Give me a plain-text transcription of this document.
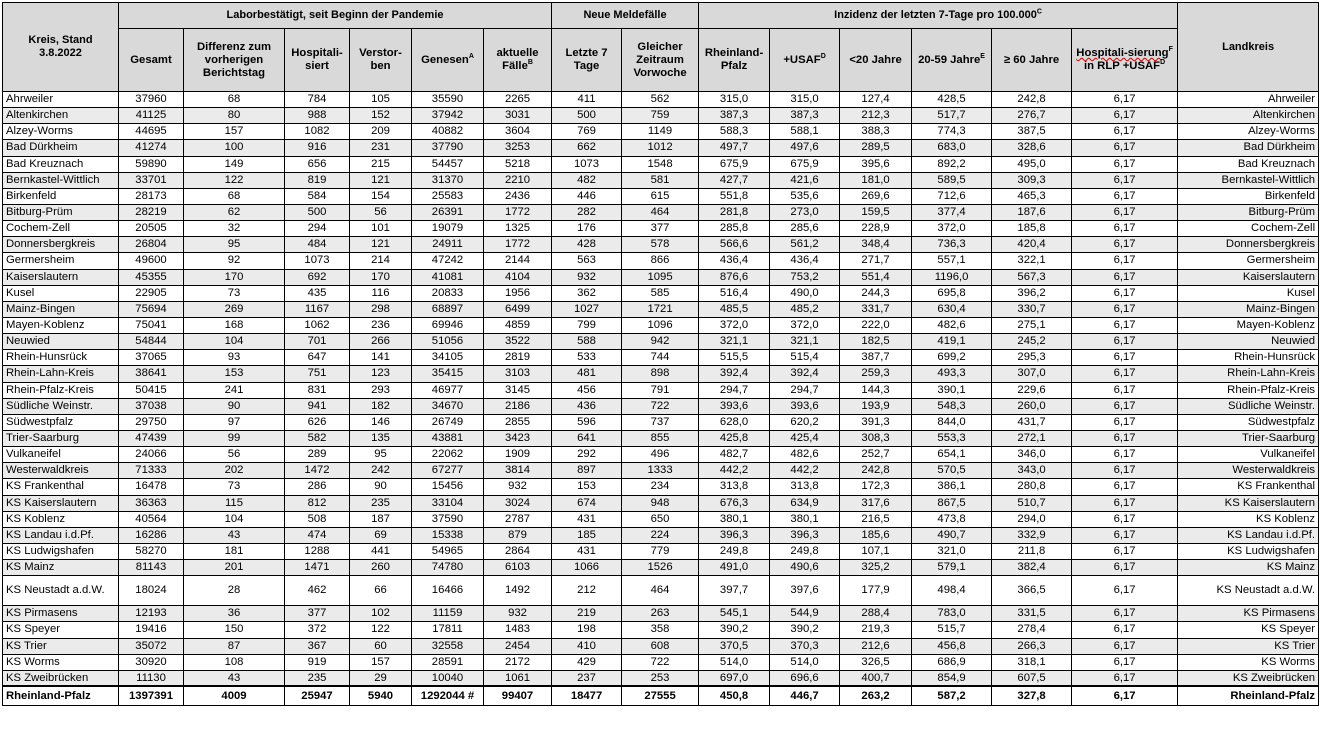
Kreis, Stand 3.8.2022	Laborbestätigt, seit Beginn der Pandemie						Neue Meldefälle		Inzidenz der letzten 7-Tage pro $100.000^C$						Landkreis
	Gesamt	Differenz zum vorherigen Berichtstag	Hospitali-siert	Verstor-ben	Genesen$^A$	aktuelle Fälle$^B$	Letzte 7 Tage	Gleicher Zeitraum Vorwoche	Rheinland-Pfalz	$+USAF^D$	<20 Jahre	20-59 Jahre$^E$	≥ 60 Jahre	Hospitali-sierung$^F$ in RLP $+USAF^D$
Ahrweiler	37960	68	784	105	35590	2265	411	562	315,0	315,0	127,4	428,5	242,8	6,17	Ahrweiler
Altenkirchen	41125	80	988	152	37942	3031	500	759	387,3	387,3	212,3	517,7	276,7	6,17	Altenkirchen
Alzey-Worms	44695	157	1082	209	40882	3604	769	1149	588,3	588,1	388,3	774,3	387,5	6,17	Alzey-Worms
Bad Dürkheim	41274	100	916	231	37790	3253	662	1012	497,7	497,6	289,5	683,0	328,6	6,17	Bad Dürkheim
Bad Kreuznach	59890	149	656	215	54457	5218	1073	1548	675,9	675,9	395,6	892,2	495,0	6,17	Bad Kreuznach
Bernkastel-Wittlich	33701	122	819	121	31370	2210	482	581	427,7	421,6	181,0	589,5	309,3	6,17	Bernkastel-Wittlich
Birkenfeld	28173	68	584	154	25583	2436	446	615	551,8	535,6	269,6	712,6	465,3	6,17	Birkenfeld
Bitburg-Prüm	28219	62	500	56	26391	1772	282	464	281,8	273,0	159,5	377,4	187,6	6,17	Bitburg-Prüm
Cochem-Zell	20505	32	294	101	19079	1325	176	377	285,8	285,6	228,9	372,0	185,8	6,17	Cochem-Zell
Donnersbergkreis	26804	95	484	121	24911	1772	428	578	566,6	561,2	348,4	736,3	420,4	6,17	Donnersbergkreis
Germersheim	49600	92	1073	214	47242	2144	563	866	436,4	436,4	271,7	557,1	322,1	6,17	Germersheim
Kaiserslautern	45355	170	692	170	41081	4104	932	1095	876,6	753,2	551,4	1196,0	567,3	6,17	Kaiserslautern
Kusel	22905	73	435	116	20833	1956	362	585	516,4	490,0	244,3	695,8	396,2	6,17	Kusel
Mainz-Bingen	75694	269	1167	298	68897	6499	1027	1721	485,5	485,2	331,7	630,4	330,7	6,17	Mainz-Bingen
Mayen-Koblenz	75041	168	1062	236	69946	4859	799	1096	372,0	372,0	222,0	482,6	275,1	6,17	Mayen-Koblenz
Neuwied	54844	104	701	266	51056	3522	588	942	321,1	321,1	182,5	419,1	245,2	6,17	Neuwied
Rhein-Hunsrück	37065	93	647	141	34105	2819	533	744	515,5	515,4	387,7	699,2	295,3	6,17	Rhein-Hunsrück
Rhein-Lahn-Kreis	38641	153	751	123	35415	3103	481	898	392,4	392,4	259,3	493,3	307,0	6,17	Rhein-Lahn-Kreis
Rhein-Pfalz-Kreis	50415	241	831	293	46977	3145	456	791	294,7	294,7	144,3	390,1	229,6	6,17	Rhein-Pfalz-Kreis
Südliche Weinstr.	37038	90	941	182	34670	2186	436	722	393,6	393,6	193,9	548,3	260,0	6,17	Südliche Weinstr.
Südwestpfalz	29750	97	626	146	26749	2855	596	737	628,0	620,2	391,3	844,0	431,7	6,17	Südwestpfalz
Trier-Saarburg	47439	99	582	135	43881	3423	641	855	425,8	425,4	308,3	553,3	272,1	6,17	Trier-Saarburg
Vulkaneifel	24066	56	289	95	22062	1909	292	496	482,7	482,6	252,7	654,1	346,0	6,17	Vulkaneifel
Westerwaldkreis	71333	202	1472	242	67277	3814	897	1333	442,2	442,2	242,8	570,5	343,0	6,17	Westerwaldkreis
KS Frankenthal	16478	73	286	90	15456	932	153	234	313,8	313,8	172,3	386,1	280,8	6,17	KS Frankenthal
KS Kaiserslautern	36363	115	812	235	33104	3024	674	948	676,3	634,9	317,6	867,5	510,7	6,17	KS Kaiserslautern
KS Koblenz	40564	104	508	187	37590	2787	431	650	380,1	380,1	216,5	473,8	294,0	6,17	KS Koblenz
KS Landau i.d.Pf.	16286	43	474	69	15338	879	185	224	396,3	396,3	185,6	490,7	332,9	6,17	KS Landau i.d.Pf.
KS Ludwigshafen	58270	181	1288	441	54965	2864	431	779	249,8	249,8	107,1	321,0	211,8	6,17	KS Ludwigshafen
KS Mainz	81143	201	1471	260	74780	6103	1066	1526	491,0	490,6	325,2	579,1	382,4	6,17	KS Mainz
KS Neustadt a.d.W.	18024	28	462	66	16466	1492	212	464	397,7	397,6	177,9	498,4	366,5	6,17	KS Neustadt a.d.W.
KS Pirmasens	12193	36	377	102	11159	932	219	263	545,1	544,9	288,4	783,0	331,5	6,17	KS Pirmasens
KS Speyer	19416	150	372	122	17811	1483	198	358	390,2	390,2	219,3	515,7	278,4	6,17	KS Speyer
KS Trier	35072	87	367	60	32558	2454	410	608	370,5	370,3	212,6	456,8	266,3	6,17	KS Trier
KS Worms	30920	108	919	157	28591	2172	429	722	514,0	514,0	326,5	686,9	318,1	6,17	KS Worms
KS Zweibrücken	11130	43	235	29	10040	1061	237	253	697,0	696,6	400,7	854,9	607,5	6,17	KS Zweibrücken
Rheinland-Pfalz	1397391	4009	25947	5940	1292044 #	99407	18477	27555	450,8	446,7	263,2	587,2	327,8	6,17	Rheinland-Pfalz
